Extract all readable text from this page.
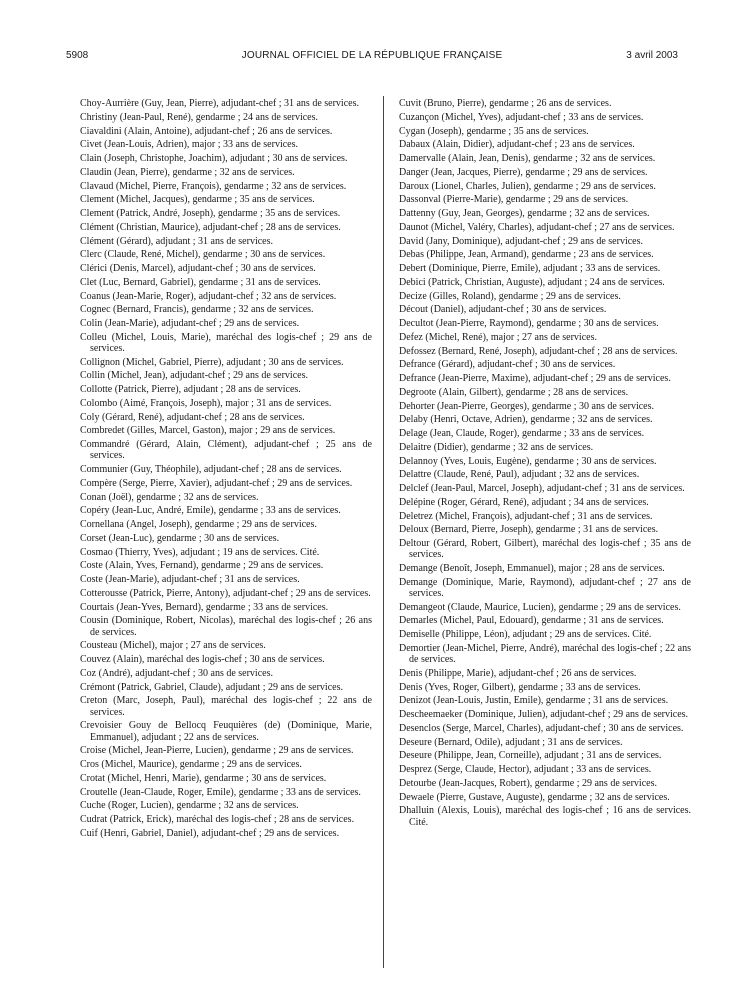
5908	JOURNAL OFFICIEL DE LA RÉPUBLIQUE FRANÇAISE	3 avril 2003

Choy-Aurrière (Guy, Jean, Pierre), adjudant-chef ; 31 ans de services.

Christiny (Jean-Paul, René), gendarme ; 24 ans de services.

Ciavaldini (Alain, Antoine), adjudant-chef ; 26 ans de services.

Civet (Jean-Louis, Adrien), major ; 33 ans de services.

Clain (Joseph, Christophe, Joachim), adjudant ; 30 ans de services.

Claudin (Jean, Pierre), gendarme ; 32 ans de services.

Clavaud (Michel, Pierre, François), gendarme ; 32 ans de services.

Clement (Michel, Jacques), gendarme ; 35 ans de services.

Clement (Patrick, André, Joseph), gendarme ; 35 ans de services.

Clément (Christian, Maurice), adjudant-chef ; 28 ans de services.

Clément (Gérard), adjudant ; 31 ans de services.

Clerc (Claude, René, Michel), gendarme ; 30 ans de services.

Clérici (Denis, Marcel), adjudant-chef ; 30 ans de services.

Clet (Luc, Bernard, Gabriel), gendarme ; 31 ans de services.

Coanus (Jean-Marie, Roger), adjudant-chef ; 32 ans de services.

Cognec (Bernard, Francis), gendarme ; 32 ans de services.

Colin (Jean-Marie), adjudant-chef ; 29 ans de services.

Colleu (Michel, Louis, Marie), maréchal des logis-chef ; 29 ans de services.

Collignon (Michel, Gabriel, Pierre), adjudant ; 30 ans de services.

Collin (Michel, Jean), adjudant-chef ; 29 ans de services.

Collotte (Patrick, Pierre), adjudant ; 28 ans de services.

Colombo (Aimé, François, Joseph), major ; 31 ans de services.

Coly (Gérard, René), adjudant-chef ; 28 ans de services.

Combredet (Gilles, Marcel, Gaston), major ; 29 ans de services.

Commandré (Gérard, Alain, Clément), adjudant-chef ; 25 ans de services.

Communier (Guy, Théophile), adjudant-chef ; 28 ans de services.

Compère (Serge, Pierre, Xavier), adjudant-chef ; 29 ans de services.

Conan (Joël), gendarme ; 32 ans de services.

Copéry (Jean-Luc, André, Emile), gendarme ; 33 ans de services.

Cornellana (Angel, Joseph), gendarme ; 29 ans de services.

Corset (Jean-Luc), gendarme ; 30 ans de services.

Cosmao (Thierry, Yves), adjudant ; 19 ans de services. Cité.

Coste (Alain, Yves, Fernand), gendarme ; 29 ans de services.

Coste (Jean-Marie), adjudant-chef ; 31 ans de services.

Cotterousse (Patrick, Pierre, Antony), adjudant-chef ; 29 ans de services.

Courtais (Jean-Yves, Bernard), gendarme ; 33 ans de services.

Cousin (Dominique, Robert, Nicolas), maréchal des logis-chef ; 26 ans de services.

Cousteau (Michel), major ; 27 ans de services.

Couvez (Alain), maréchal des logis-chef ; 30 ans de services.

Coz (André), adjudant-chef ; 30 ans de services.

Crémont (Patrick, Gabriel, Claude), adjudant ; 29 ans de services.

Creton (Marc, Joseph, Paul), maréchal des logis-chef ; 22 ans de services.

Crevoisier Gouy de Bellocq Feuquières (de) (Dominique, Marie, Emmanuel), adjudant ; 22 ans de services.

Croise (Michel, Jean-Pierre, Lucien), gendarme ; 29 ans de services.

Cros (Michel, Maurice), gendarme ; 29 ans de services.

Crotat (Michel, Henri, Marie), gendarme ; 30 ans de services.

Croutelle (Jean-Claude, Roger, Emile), gendarme ; 33 ans de services.

Cuche (Roger, Lucien), gendarme ; 32 ans de services.

Cudrat (Patrick, Erick), maréchal des logis-chef ; 28 ans de services.

Cuif (Henri, Gabriel, Daniel), adjudant-chef ; 29 ans de services.

Cuvit (Bruno, Pierre), gendarme ; 26 ans de services.

Cuzançon (Michel, Yves), adjudant-chef ; 33 ans de services.

Cygan (Joseph), gendarme ; 35 ans de services.

Dabaux (Alain, Didier), adjudant-chef ; 23 ans de services.

Damervalle (Alain, Jean, Denis), gendarme ; 32 ans de services.

Danger (Jean, Jacques, Pierre), gendarme ; 29 ans de services.

Daroux (Lionel, Charles, Julien), gendarme ; 29 ans de services.

Dassonval (Pierre-Marie), gendarme ; 29 ans de services.

Dattenny (Guy, Jean, Georges), gendarme ; 32 ans de services.

Daunot (Michel, Valéry, Charles), adjudant-chef ; 27 ans de services.

David (Jany, Dominique), adjudant-chef ; 29 ans de services.

Debas (Philippe, Jean, Armand), gendarme ; 23 ans de services.

Debert (Dominique, Pierre, Emile), adjudant ; 33 ans de services.

Debici (Patrick, Christian, Auguste), adjudant ; 24 ans de services.

Decize (Gilles, Roland), gendarme ; 29 ans de services.

Décout (Daniel), adjudant-chef ; 30 ans de services.

Decultot (Jean-Pierre, Raymond), gendarme ; 30 ans de services.

Defez (Michel, René), major ; 27 ans de services.

Defossez (Bernard, René, Joseph), adjudant-chef ; 28 ans de services.

Defrance (Gérard), adjudant-chef ; 30 ans de services.

Defrance (Jean-Pierre, Maxime), adjudant-chef ; 29 ans de services.

Degroote (Alain, Gilbert), gendarme ; 28 ans de services.

Dehorter (Jean-Pierre, Georges), gendarme ; 30 ans de services.

Delaby (Henri, Octave, Adrien), gendarme ; 32 ans de services.

Delage (Jean, Claude, Roger), gendarme ; 33 ans de services.

Delaitre (Didier), gendarme ; 32 ans de services.

Delannoy (Yves, Louis, Eugène), gendarme ; 30 ans de services.

Delattre (Claude, René, Paul), adjudant ; 32 ans de services.

Delclef (Jean-Paul, Marcel, Joseph), adjudant-chef ; 31 ans de services.

Delépine (Roger, Gérard, René), adjudant ; 34 ans de services.

Deletrez (Michel, François), adjudant-chef ; 31 ans de services.

Deloux (Bernard, Pierre, Joseph), gendarme ; 31 ans de services.

Deltour (Gérard, Robert, Gilbert), maréchal des logis-chef ; 35 ans de services.

Demange (Benoît, Joseph, Emmanuel), major ; 28 ans de services.

Demange (Dominique, Marie, Raymond), adjudant-chef ; 27 ans de services.

Demangeot (Claude, Maurice, Lucien), gendarme ; 29 ans de services.

Demarles (Michel, Paul, Edouard), gendarme ; 31 ans de services.

Demiselle (Philippe, Léon), adjudant ; 29 ans de services. Cité.

Demortier (Jean-Michel, Pierre, André), maréchal des logis-chef ; 22 ans de services.

Denis (Philippe, Marie), adjudant-chef ; 26 ans de services.

Denis (Yves, Roger, Gilbert), gendarme ; 33 ans de services.

Denizot (Jean-Louis, Justin, Emile), gendarme ; 31 ans de services.

Descheemaeker (Dominique, Julien), adjudant-chef ; 29 ans de services.

Desenclos (Serge, Marcel, Charles), adjudant-chef ; 30 ans de services.

Deseure (Bernard, Odile), adjudant ; 31 ans de services.

Deseure (Philippe, Jean, Corneille), adjudant ; 31 ans de services.

Desprez (Serge, Claude, Hector), adjudant ; 33 ans de services.

Detourbe (Jean-Jacques, Robert), gendarme ; 29 ans de services.

Dewaele (Pierre, Gustave, Auguste), gendarme ; 32 ans de services.

Dhalluin (Alexis, Louis), maréchal des logis-chef ; 16 ans de services. Cité.
